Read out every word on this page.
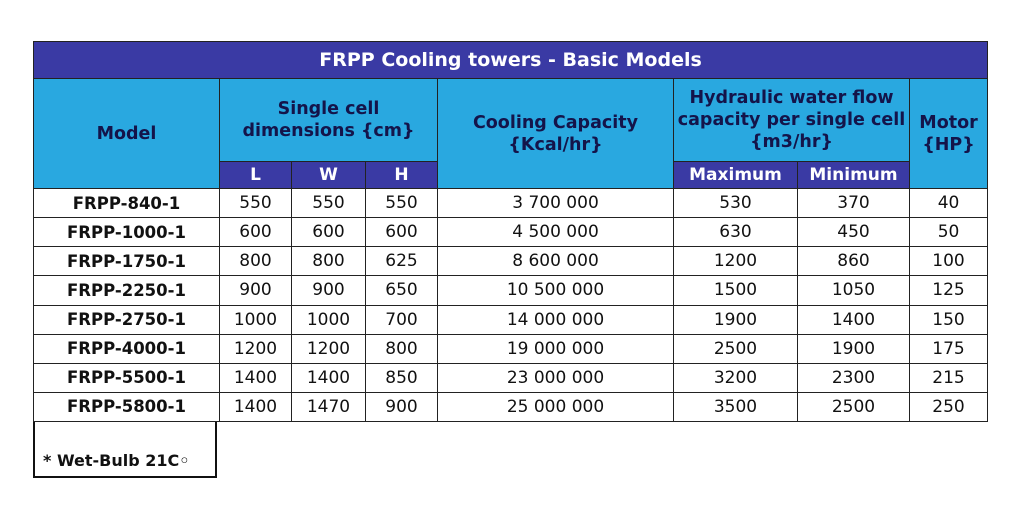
FRPP Cooling towers - Basic Models							
Model	Single cell dimensions {cm}			Cooling Capacity {Kcal/hr}	Hydraulic water flow capacity per single cell {m3/hr}		Motor {HP}
	L	W	H		Maximum	Minimum	
FRPP-840-1	550	550	550	3 700 000	530	370	40
FRPP-1000-1	600	600	600	4 500 000	630	450	50
FRPP-1750-1	800	800	625	8 600 000	1200	860	100
FRPP-2250-1	900	900	650	10 500 000	1500	1050	125
FRPP-2750-1	1000	1000	700	14 000 000	1900	1400	150
FRPP-4000-1	1200	1200	800	19 000 000	2500	1900	175
FRPP-5500-1	1400	1400	850	23 000 000	3200	2300	215
FRPP-5800-1	1400	1470	900	25 000 000	3500	2500	250
* Wet-Bulb 21C◦
